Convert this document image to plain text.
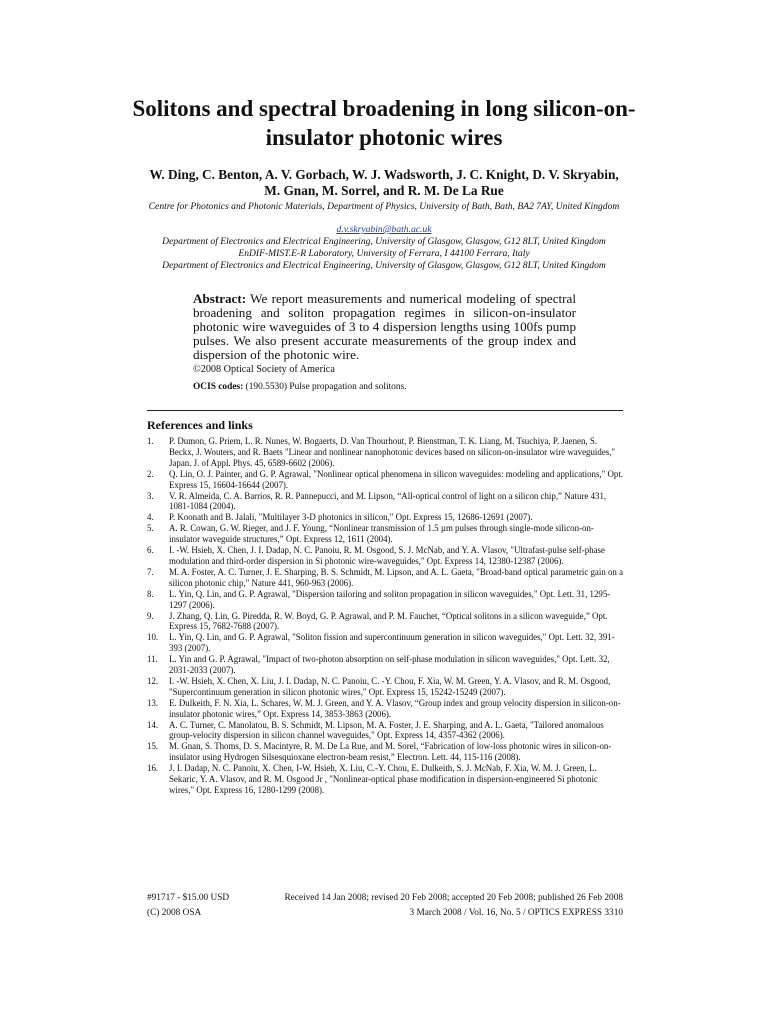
Solitons and spectral broadening in long silicon-on-insulator photonic wires
W. Ding, C. Benton, A. V. Gorbach, W. J. Wadsworth, J. C. Knight, D. V. Skryabin, M. Gnan, M. Sorrel, and R. M. De La Rue
Centre for Photonics and Photonic Materials, Department of Physics, University of Bath, Bath, BA2 7AY, United Kingdom
d.v.skryabin@bath.ac.uk
Department of Electronics and Electrical Engineering, University of Glasgow, Glasgow, G12 8LT, United Kingdom
EnDIF-MIST.E-R Laboratory, University of Ferrara, I 44100 Ferrara, Italy
Department of Electronics and Electrical Engineering, University of Glasgow, Glasgow, G12 8LT, United Kingdom
Abstract: We report measurements and numerical modeling of spectral broadening and soliton propagation regimes in silicon-on-insulator photonic wire waveguides of 3 to 4 dispersion lengths using 100fs pump pulses. We also present accurate measurements of the group index and dispersion of the photonic wire.
©2008 Optical Society of America
OCIS codes: (190.5530) Pulse propagation and solitons.
References and links
1. P. Dumon, G. Priem, L. R. Nunes, W. Bogaerts, D. Van Thourhout, P. Bienstman, T. K. Liang, M. Tsuchiya, P. Jaenen, S. Beckx, J. Wouters, and R. Baets "Linear and nonlinear nanophotonic devices based on silicon-on-insulator wire waveguides," Japan. J. of Appl. Phys. 45, 6589-6602 (2006).
2. Q. Lin, O. J. Painter, and G. P. Agrawal, "Nonlinear optical phenomena in silicon waveguides: modeling and applications," Opt. Express 15, 16604-16644 (2007).
3. V. R. Almeida, C. A. Barrios, R. R. Pannepucci, and M. Lipson, “All-optical control of light on a silicon chip,” Nature 431, 1081-1084 (2004).
4. P. Koonath and B. Jalali, "Multilayer 3-D photonics in silicon," Opt. Express 15, 12686-12691 (2007).
5. A. R. Cowan, G. W. Rieger, and J. F. Young, “Nonlinear transmission of 1.5 µm pulses through single-mode silicon-on-insulator waveguide structures,” Opt. Express 12, 1611 (2004).
6. I. -W. Hsieh, X. Chen, J. I. Dadap, N. C. Panoiu, R. M. Osgood, S. J. McNab, and Y. A. Vlasov, "Ultrafast-pulse self-phase modulation and third-order dispersion in Si photonic wire-waveguides," Opt. Express 14, 12380-12387 (2006).
7. M. A. Foster, A. C. Turner, J. E. Sharping, B. S. Schmidt, M. Lipson, and A. L. Gaeta, "Broad-band optical parametric gain on a silicon photonic chip," Nature 441, 960-963 (2006).
8. L. Yin, Q. Lin, and G. P. Agrawal, "Dispersion tailoring and soliton propagation in silicon waveguides," Opt. Lett. 31, 1295-1297 (2006).
9. J. Zhang, Q. Lin, G. Piredda, R. W. Boyd, G. P. Agrawal, and P. M. Fauchet, “Optical solitons in a silicon waveguide,” Opt. Express 15, 7682-7688 (2007).
10. L. Yin, Q. Lin, and G. P. Agrawal, "Soliton fission and supercontinuum generation in silicon waveguides," Opt. Lett. 32, 391-393 (2007).
11. L. Yin and G. P. Agrawal, "Impact of two-photon absorption on self-phase modulation in silicon waveguides," Opt. Lett. 32, 2031-2033 (2007).
12. I. -W. Hsieh, X. Chen, X. Liu, J. I. Dadap, N. C. Panoiu, C. -Y. Chou, F. Xia, W. M. Green, Y. A. Vlasov, and R. M. Osgood, "Supercontinuum generation in silicon photonic wires," Opt. Express 15, 15242-15249 (2007).
13. E. Dulkeith, F. N. Xia, L. Schares, W. M. J. Green, and Y. A. Vlasov, “Group index and group velocity dispersion in silicon-on-insulator photonic wires,” Opt. Express 14, 3853-3863 (2006).
14. A. C. Turner, C. Manolatou, B. S. Schmidt, M. Lipson, M. A. Foster, J. E. Sharping, and A. L. Gaeta, "Tailored anomalous group-velocity dispersion in silicon channel waveguides," Opt. Express 14, 4357-4362 (2006).
15. M. Gnan, S. Thoms, D. S. Macintyre, R. M. De La Rue, and M. Sorel, “Fabrication of low-loss photonic wires in silicon-on-insulator using Hydrogen Silsesquioxane electron-beam resist,” Electron. Lett. 44, 115-116 (2008).
16. J. I. Dadap, N. C. Panoiu, X. Chen, I-W. Hsieh, X. Liu, C.-Y. Chou, E. Dulkeith, S. J. McNab, F. Xia, W. M. J. Green, L. Sekaric, Y. A. Vlasov, and R. M. Osgood Jr , "Nonlinear-optical phase modification in dispersion-engineered Si photonic wires," Opt. Express 16, 1280-1299 (2008).
#91717 - $15.00 USD	Received 14 Jan 2008; revised 20 Feb 2008; accepted 20 Feb 2008; published 26 Feb 2008
(C) 2008 OSA	3 March 2008 / Vol. 16, No. 5 / OPTICS EXPRESS 3310
